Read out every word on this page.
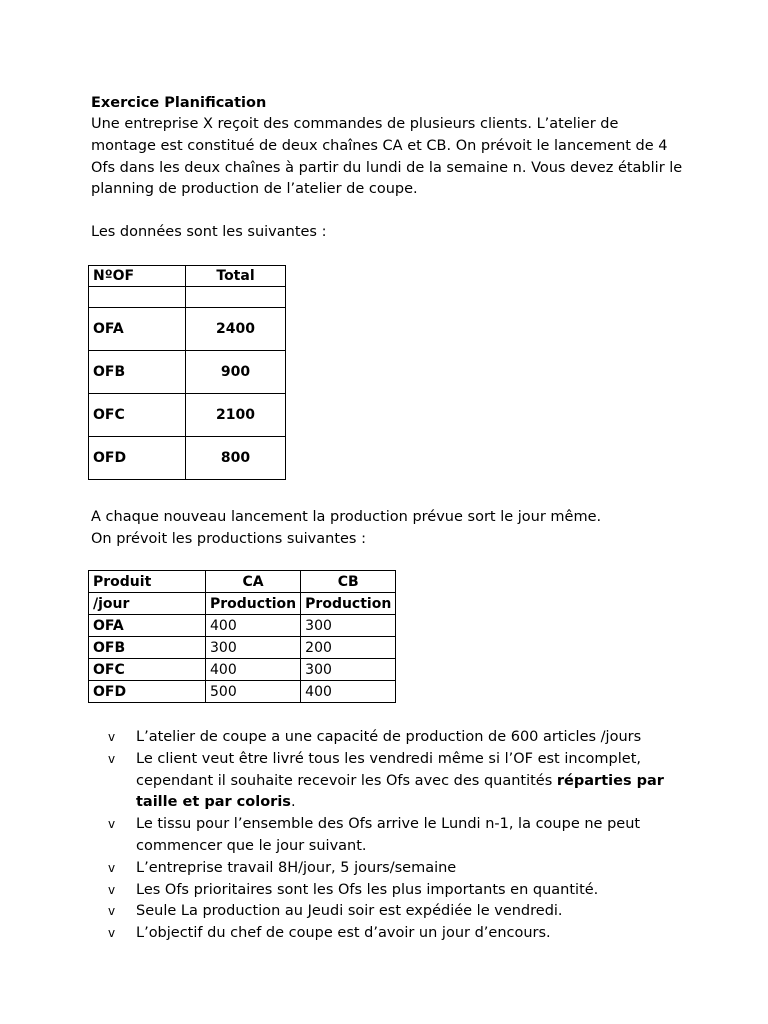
Exercice Planification
Une entreprise X reçoit des commandes de plusieurs clients. L’atelier de
montage est constitué de deux chaînes CA et CB. On prévoit le lancement de 4
Ofs dans les deux chaînes à partir du lundi de la semaine n. Vous devez établir le
planning de production de l’atelier de coupe.
Les données sont les suivantes :
NºOF	Total

OFA	2400
OFB	900
OFC	2100
OFD	800
A chaque nouveau lancement la production prévue sort le jour même.
On prévoit les productions suivantes :
Produit	CA	CB
/jour	Production	Production
OFA	400	300
OFB	300	200
OFC	400	300
OFD	500	400
v L’atelier de coupe a une capacité de production de 600 articles /jours
v Le client veut être livré tous les vendredi même si l’OF est incomplet,
cependant il souhaite recevoir les Ofs avec des quantités réparties par
taille et par coloris.
v Le tissu pour l’ensemble des Ofs arrive le Lundi n-1, la coupe ne peut
commencer que le jour suivant.
v L’entreprise travail 8H/jour, 5 jours/semaine
v Les Ofs prioritaires sont les Ofs les plus importants en quantité.
v Seule La production au Jeudi soir est expédiée le vendredi.
v L’objectif du chef de coupe est d’avoir un jour d’encours.
